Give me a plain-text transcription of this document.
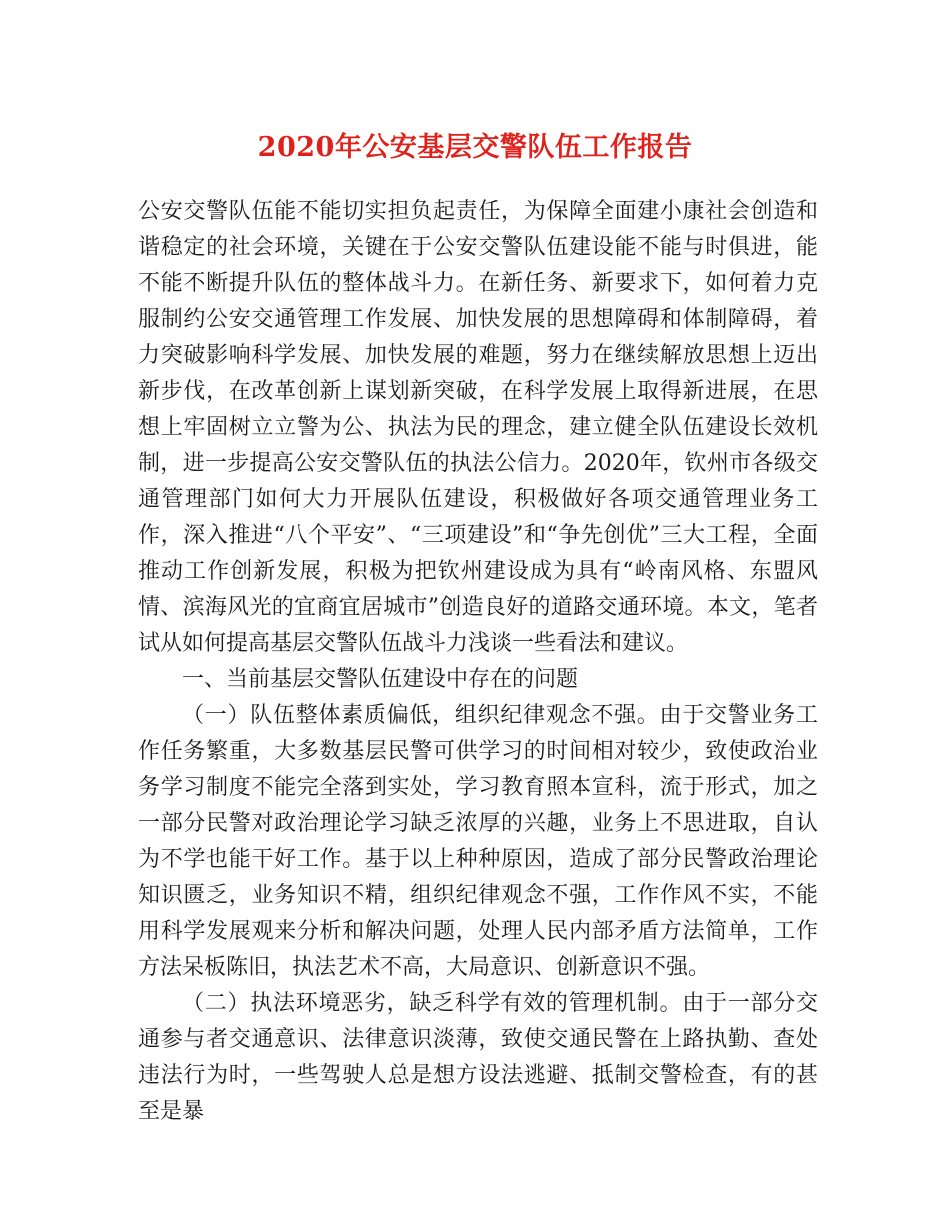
2020年公安基层交警队伍工作报告

公安交警队伍能不能切实担负起责任，为保障全面建小康社会创造和谐稳定的社会环境，关键在于公安交警队伍建设能不能与时俱进，能不能不断提升队伍的整体战斗力。在新任务、新要求下，如何着力克服制约公安交通管理工作发展、加快发展的思想障碍和体制障碍，着力突破影响科学发展、加快发展的难题，努力在继续解放思想上迈出新步伐，在改革创新上谋划新突破，在科学发展上取得新进展，在思想上牢固树立立警为公、执法为民的理念，建立健全队伍建设长效机制，进一步提高公安交警队伍的执法公信力。2020年，钦州市各级交通管理部门如何大力开展队伍建设，积极做好各项交通管理业务工作，深入推进“八个平安”、“三项建设”和“争先创优”三大工程，全面推动工作创新发展，积极为把钦州建设成为具有“岭南风格、东盟风情、滨海风光的宜商宜居城市”创造良好的道路交通环境。本文，笔者试从如何提高基层交警队伍战斗力浅谈一些看法和建议。

一、当前基层交警队伍建设中存在的问题

（一）队伍整体素质偏低，组织纪律观念不强。由于交警业务工作任务繁重，大多数基层民警可供学习的时间相对较少，致使政治业务学习制度不能完全落到实处，学习教育照本宣科，流于形式，加之一部分民警对政治理论学习缺乏浓厚的兴趣，业务上不思进取，自认为不学也能干好工作。基于以上种种原因，造成了部分民警政治理论知识匮乏，业务知识不精，组织纪律观念不强，工作作风不实，不能用科学发展观来分析和解决问题，处理人民内部矛盾方法简单，工作方法呆板陈旧，执法艺术不高，大局意识、创新意识不强。

（二）执法环境恶劣，缺乏科学有效的管理机制。由于一部分交通参与者交通意识、法律意识淡薄，致使交通民警在上路执勤、查处违法行为时，一些驾驶人总是想方设法逃避、抵制交警检查，有的甚至是暴
